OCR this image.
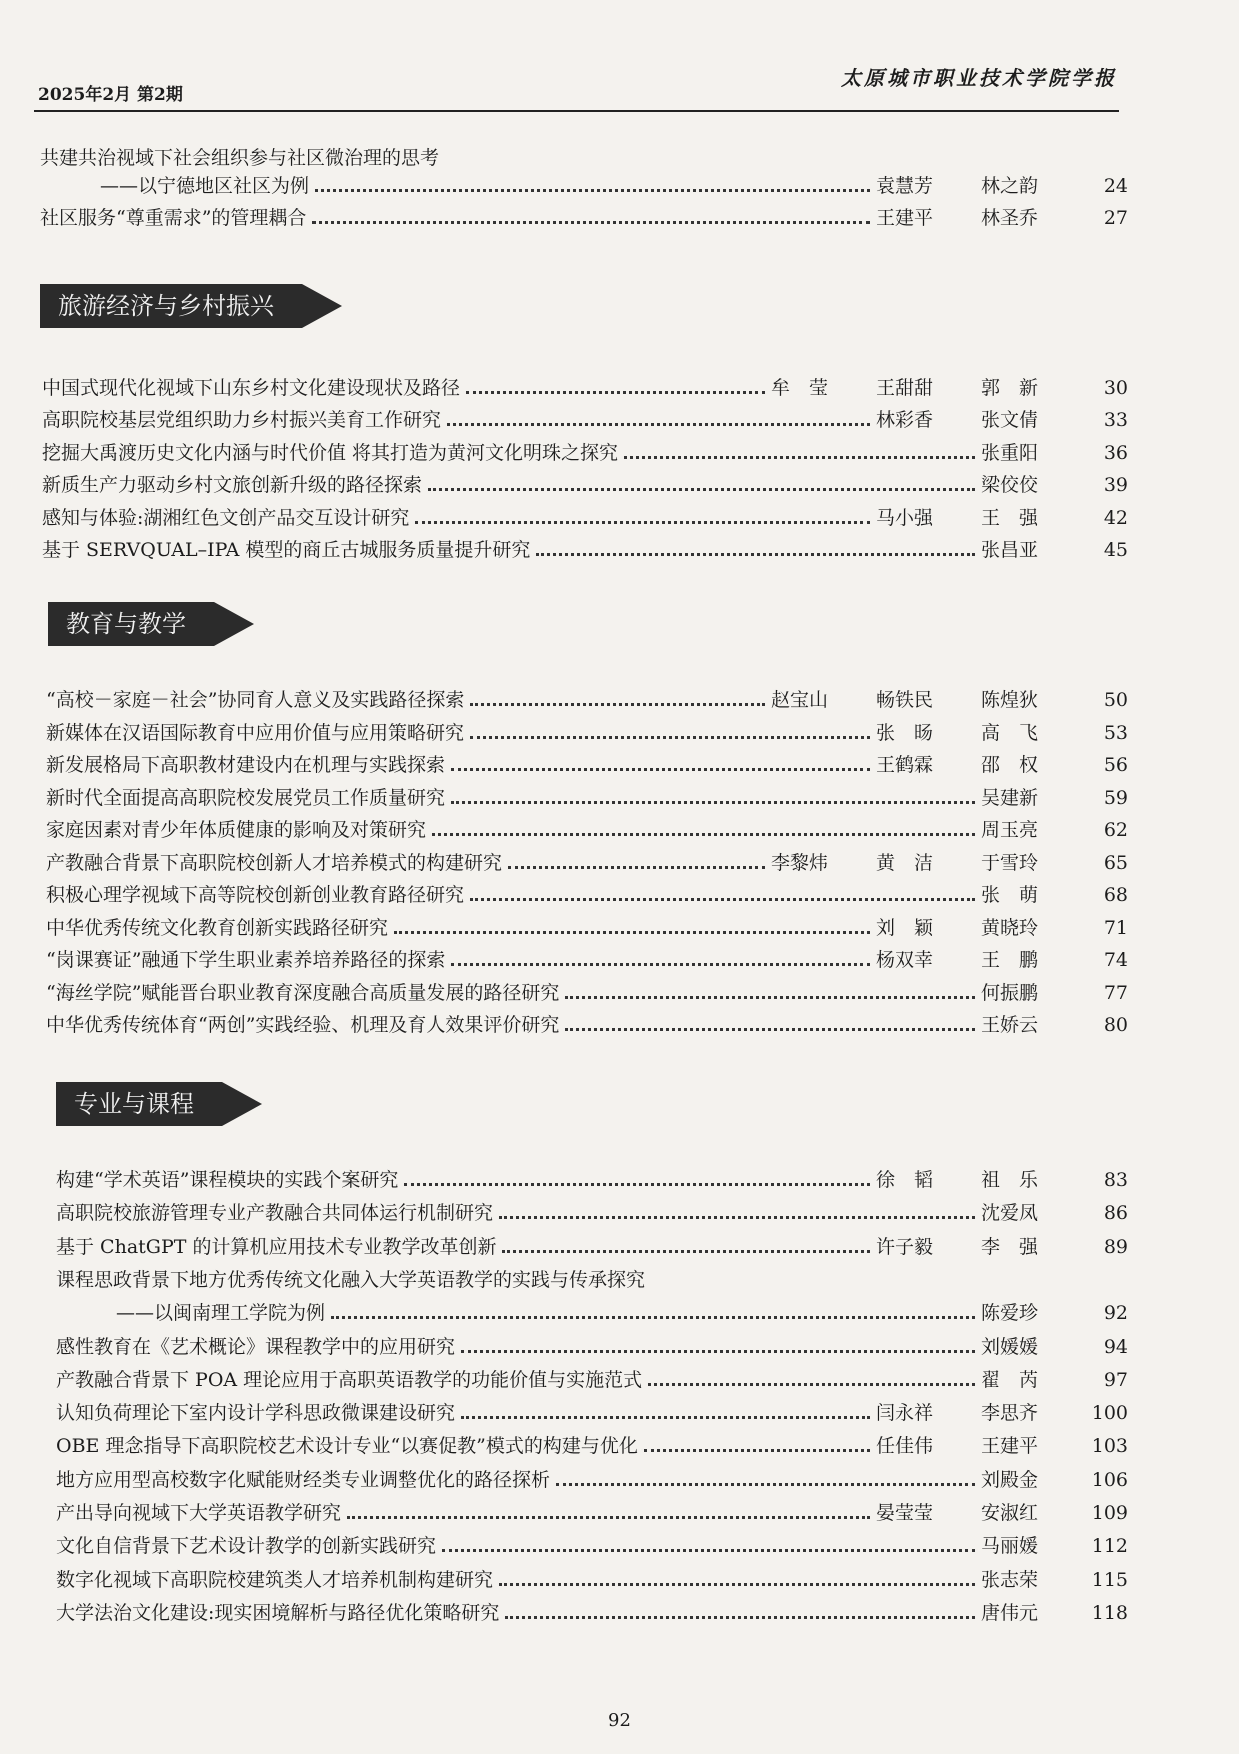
2025年2月 第2期
太原城市职业技术学院学报
共建共治视域下社会组织参与社区微治理的思考
——以宁德地区社区为例	袁慧芳	林之韵	24
社区服务“尊重需求”的管理耦合	王建平	林圣乔	27
旅游经济与乡村振兴
中国式现代化视域下山东乡村文化建设现状及路径	牟　莹	王甜甜	郭　新	30
高职院校基层党组织助力乡村振兴美育工作研究	林彩香	张文倩	33
挖掘大禹渡历史文化内涵与时代价值 将其打造为黄河文化明珠之探究	张重阳	36
新质生产力驱动乡村文旅创新升级的路径探索	梁佼佼	39
感知与体验:湖湘红色文创产品交互设计研究	马小强	王　强	42
基于 SERVQUAL–IPA 模型的商丘古城服务质量提升研究	张昌亚	45
教育与教学
“高校－家庭－社会”协同育人意义及实践路径探索	赵宝山	畅铁民	陈煌狄	50
新媒体在汉语国际教育中应用价值与应用策略研究	张　旸	高　飞	53
新发展格局下高职教材建设内在机理与实践探索	王鹤霖	邵　权	56
新时代全面提高高职院校发展党员工作质量研究	吴建新	59
家庭因素对青少年体质健康的影响及对策研究	周玉亮	62
产教融合背景下高职院校创新人才培养模式的构建研究	李黎炜	黄　洁	于雪玲	65
积极心理学视域下高等院校创新创业教育路径研究	张　萌	68
中华优秀传统文化教育创新实践路径研究	刘　颖	黄晓玲	71
“岗课赛证”融通下学生职业素养培养路径的探索	杨双幸	王　鹏	74
“海丝学院”赋能晋台职业教育深度融合高质量发展的路径研究	何振鹏	77
中华优秀传统体育“两创”实践经验、机理及育人效果评价研究	王娇云	80
专业与课程
构建“学术英语”课程模块的实践个案研究	徐　韬	祖　乐	83
高职院校旅游管理专业产教融合共同体运行机制研究	沈爱凤	86
基于 ChatGPT 的计算机应用技术专业教学改革创新	许子毅	李　强	89
课程思政背景下地方优秀传统文化融入大学英语教学的实践与传承探究
——以闽南理工学院为例	陈爱珍	92
感性教育在《艺术概论》课程教学中的应用研究	刘媛媛	94
产教融合背景下 POA 理论应用于高职英语教学的功能价值与实施范式	翟　芮	97
认知负荷理论下室内设计学科思政微课建设研究	闫永祥	李思齐	100
OBE 理念指导下高职院校艺术设计专业“以赛促教”模式的构建与优化	任佳伟	王建平	103
地方应用型高校数字化赋能财经类专业调整优化的路径探析	刘殿金	106
产出导向视域下大学英语教学研究	晏莹莹	安淑红	109
文化自信背景下艺术设计教学的创新实践研究	马丽媛	112
数字化视域下高职院校建筑类人才培养机制构建研究	张志荣	115
大学法治文化建设:现实困境解析与路径优化策略研究	唐伟元	118
92
